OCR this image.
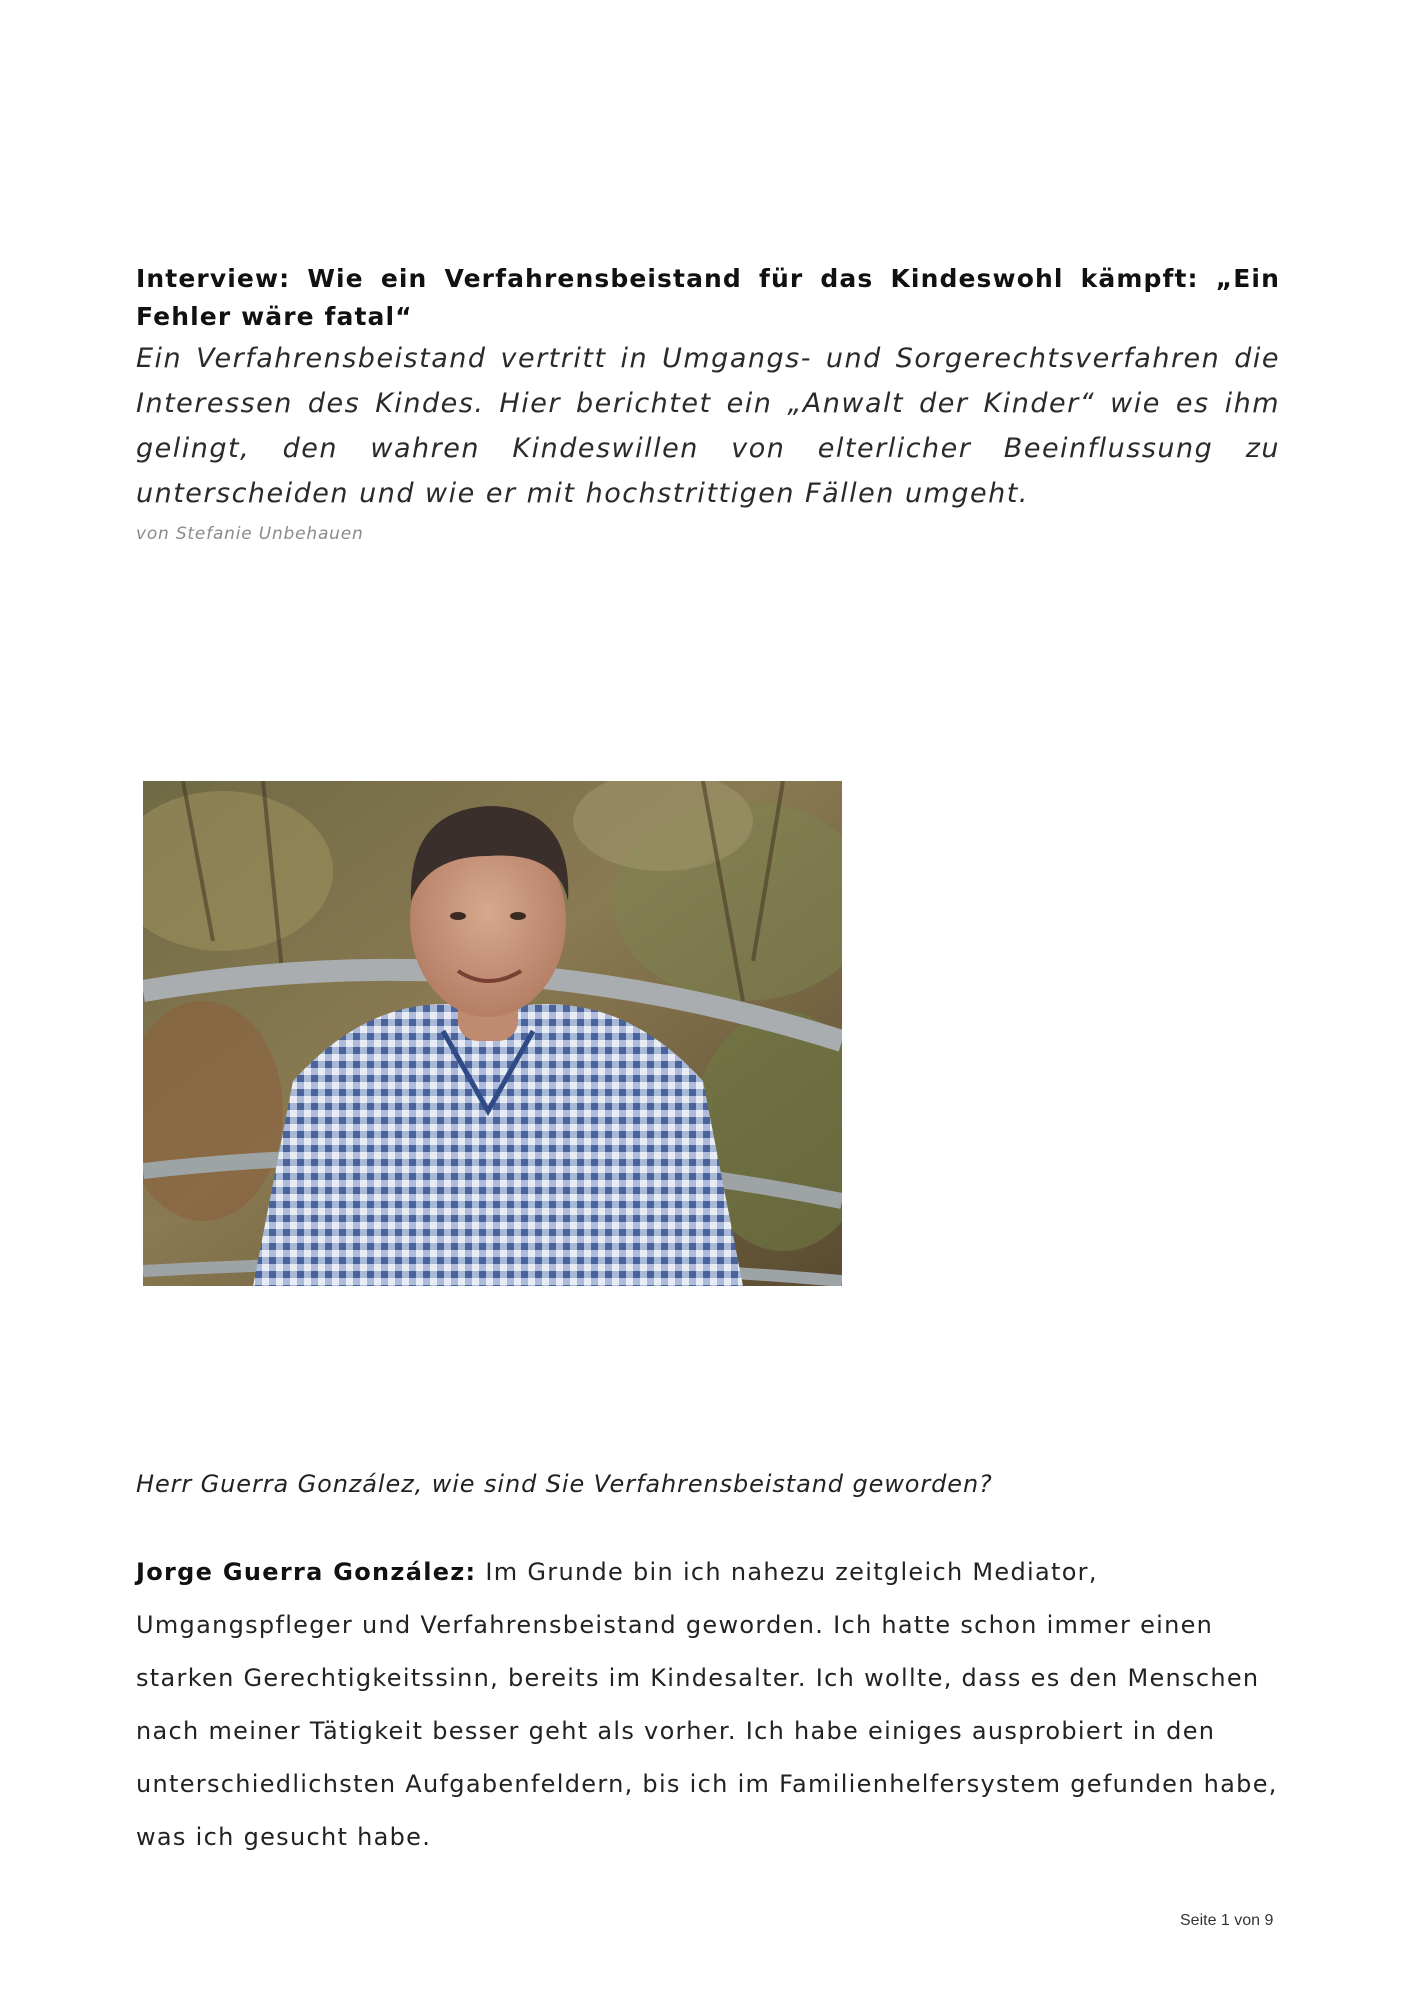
Interview: Wie ein Verfahrensbeistand für das Kindeswohl kämpft: „Ein Fehler wäre fatal“

Ein Verfahrensbeistand vertritt in Umgangs- und Sorgerechtsverfahren die Interessen des Kindes. Hier berichtet ein „Anwalt der Kinder“ wie es ihm gelingt, den wahren Kindeswillen von elterlicher Beeinflussung zu unterscheiden und wie er mit hochstrittigen Fällen umgeht.

von Stefanie Unbehauen

Herr Guerra González, wie sind Sie Verfahrensbeistand geworden?

Jorge Guerra González: Im Grunde bin ich nahezu zeitgleich Mediator, Umgangspfleger und Verfahrensbeistand geworden. Ich hatte schon immer einen starken Gerechtigkeitssinn, bereits im Kindesalter. Ich wollte, dass es den Menschen nach meiner Tätigkeit besser geht als vorher. Ich habe einiges ausprobiert in den unterschiedlichsten Aufgabenfeldern, bis ich im Familienhelfersystem gefunden habe, was ich gesucht habe.

Seite 1 von 9
